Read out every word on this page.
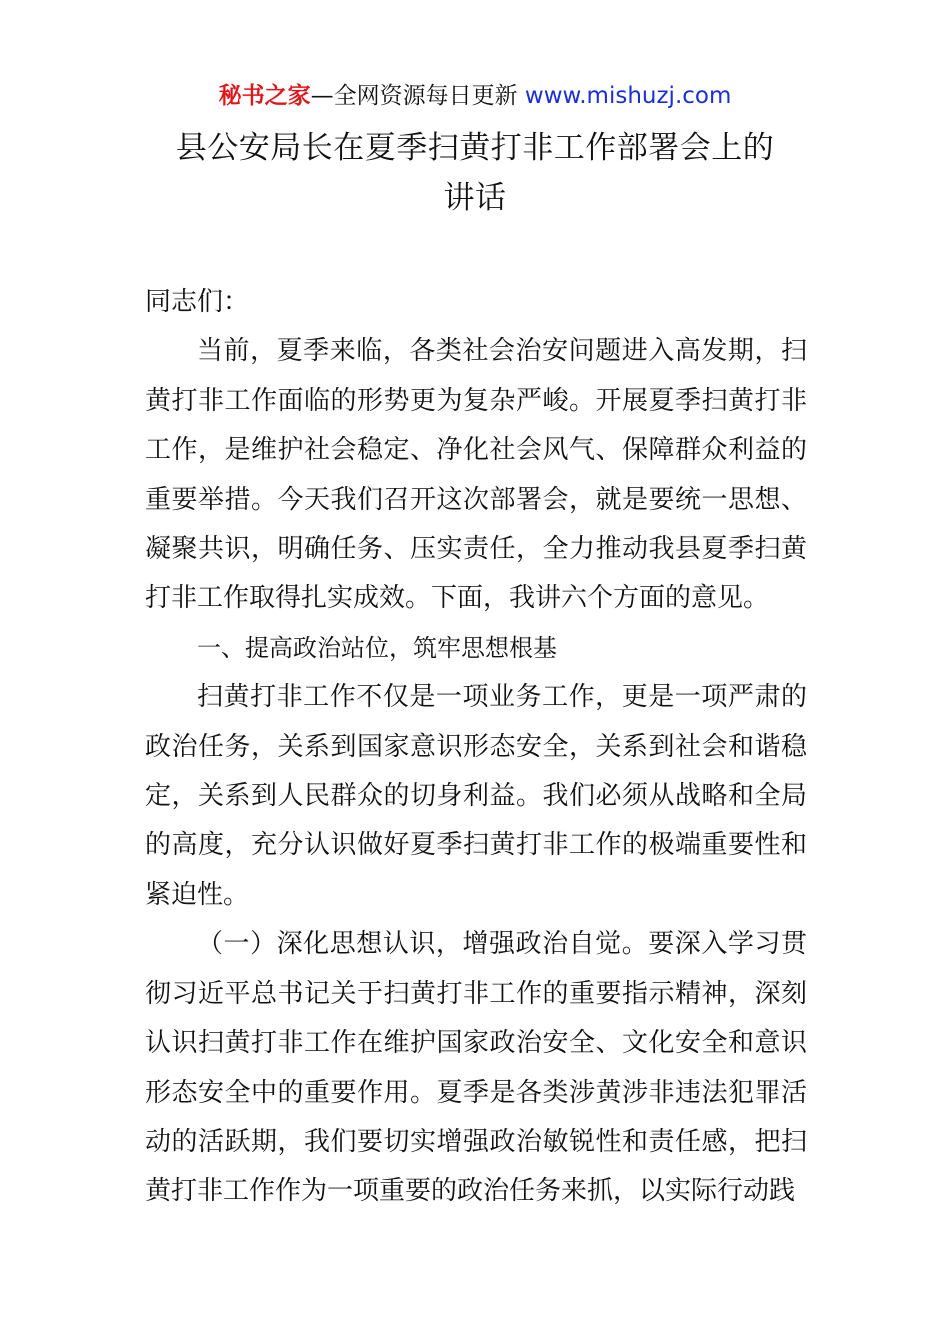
秘书之家—全网资源每日更新 www.mishuzj.com
县公安局长在夏季扫黄打非工作部署会上的
讲话

同志们：

当前，夏季来临，各类社会治安问题进入高发期，扫黄打非工作面临的形势更为复杂严峻。开展夏季扫黄打非工作，是维护社会稳定、净化社会风气、保障群众利益的重要举措。今天我们召开这次部署会，就是要统一思想、凝聚共识，明确任务、压实责任，全力推动我县夏季扫黄打非工作取得扎实成效。下面，我讲六个方面的意见。

一、提高政治站位，筑牢思想根基

扫黄打非工作不仅是一项业务工作，更是一项严肃的政治任务，关系到国家意识形态安全，关系到社会和谐稳定，关系到人民群众的切身利益。我们必须从战略和全局的高度，充分认识做好夏季扫黄打非工作的极端重要性和紧迫性。

（一）深化思想认识，增强政治自觉。要深入学习贯彻习近平总书记关于扫黄打非工作的重要指示精神，深刻认识扫黄打非工作在维护国家政治安全、文化安全和意识形态安全中的重要作用。夏季是各类涉黄涉非违法犯罪活动的活跃期，我们要切实增强政治敏锐性和责任感，把扫黄打非工作作为一项重要的政治任务来抓，以实际行动践
